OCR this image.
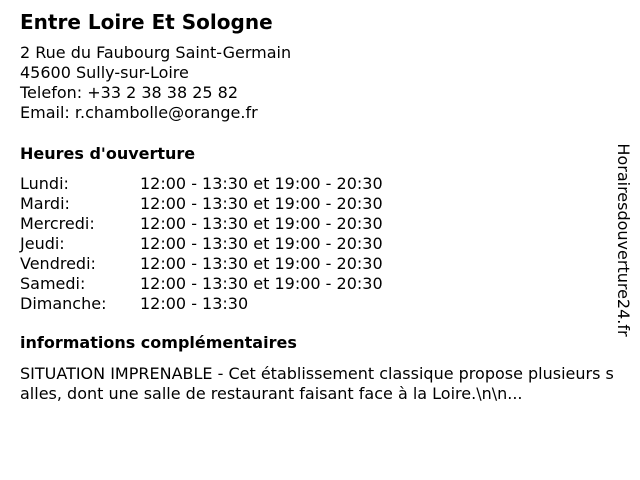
Entre Loire Et Sologne
2 Rue du Faubourg Saint-Germain
45600 Sully-sur-Loire
Telefon: +33 2 38 38 25 82
Email: r.chambolle@orange.fr
Heures d'ouverture
Lundi:	12:00 - 13:30 et 19:00 - 20:30
Mardi:	12:00 - 13:30 et 19:00 - 20:30
Mercredi:	12:00 - 13:30 et 19:00 - 20:30
Jeudi:	12:00 - 13:30 et 19:00 - 20:30
Vendredi:	12:00 - 13:30 et 19:00 - 20:30
Samedi:	12:00 - 13:30 et 19:00 - 20:30
Dimanche:	12:00 - 13:30
informations complémentaires
SITUATION IMPRENABLE - Cet établissement classique propose plusieurs salles, dont une salle de restaurant faisant face à la Loire.\n\n...
Horairesdouverture24.fr
